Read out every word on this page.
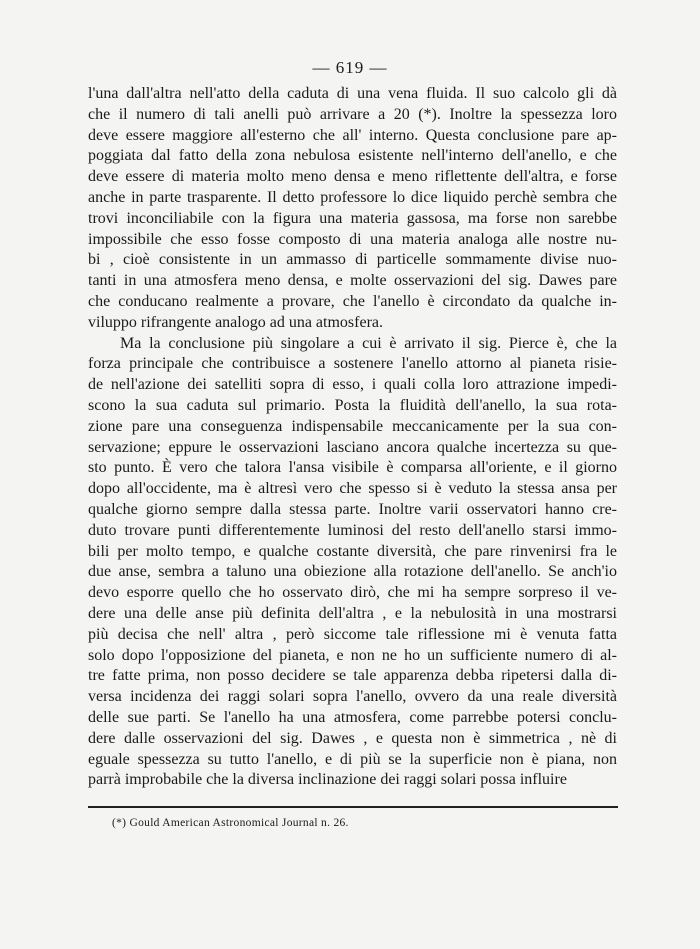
— 619 —
l'una dall'altra nell'atto della caduta di una vena fluida. Il suo calcolo gli dà
che il numero di tali anelli può arrivare a 20 (*). Inoltre la spessezza loro
deve essere maggiore all'esterno che all' interno. Questa conclusione pare ap-
poggiata dal fatto della zona nebulosa esistente nell'interno dell'anello, e che
deve essere di materia molto meno densa e meno riflettente dell'altra, e forse
anche in parte trasparente. Il detto professore lo dice liquido perchè sembra che
trovi inconciliabile con la figura una materia gassosa, ma forse non sarebbe
impossibile che esso fosse composto di una materia analoga alle nostre nu-
bi , cioè consistente in un ammasso di particelle sommamente divise nuo-
tanti in una atmosfera meno densa, e molte osservazioni del sig. Dawes pare
che conducano realmente a provare, che l'anello è circondato da qualche in-
viluppo rifrangente analogo ad una atmosfera.
Ma la conclusione più singolare a cui è arrivato il sig. Pierce è, che la
forza principale che contribuisce a sostenere l'anello attorno al pianeta risie-
de nell'azione dei satelliti sopra di esso, i quali colla loro attrazione impedi-
scono la sua caduta sul primario. Posta la fluidità dell'anello, la sua rota-
zione pare una conseguenza indispensabile meccanicamente per la sua con-
servazione; eppure le osservazioni lasciano ancora qualche incertezza su que-
sto punto. È vero che talora l'ansa visibile è comparsa all'oriente, e il giorno
dopo all'occidente, ma è altresì vero che spesso si è veduto la stessa ansa per
qualche giorno sempre dalla stessa parte. Inoltre varii osservatori hanno cre-
duto trovare punti differentemente luminosi del resto dell'anello starsi immo-
bili per molto tempo, e qualche costante diversità, che pare rinvenirsi fra le
due anse, sembra a taluno una obiezione alla rotazione dell'anello. Se anch'io
devo esporre quello che ho osservato dirò, che mi ha sempre sorpreso il ve-
dere una delle anse più definita dell'altra , e la nebulosità in una mostrarsi
più decisa che nell' altra , però siccome tale riflessione mi è venuta fatta
solo dopo l'opposizione del pianeta, e non ne ho un sufficiente numero di al-
tre fatte prima, non posso decidere se tale apparenza debba ripetersi dalla di-
versa incidenza dei raggi solari sopra l'anello, ovvero da una reale diversità
delle sue parti. Se l'anello ha una atmosfera, come parrebbe potersi conclu-
dere dalle osservazioni del sig. Dawes , e questa non è simmetrica , nè di
eguale spessezza su tutto l'anello, e di più se la superficie non è piana, non
parrà improbabile che la diversa inclinazione dei raggi solari possa influire
(*) Gould American Astronomical Journal n. 26.
